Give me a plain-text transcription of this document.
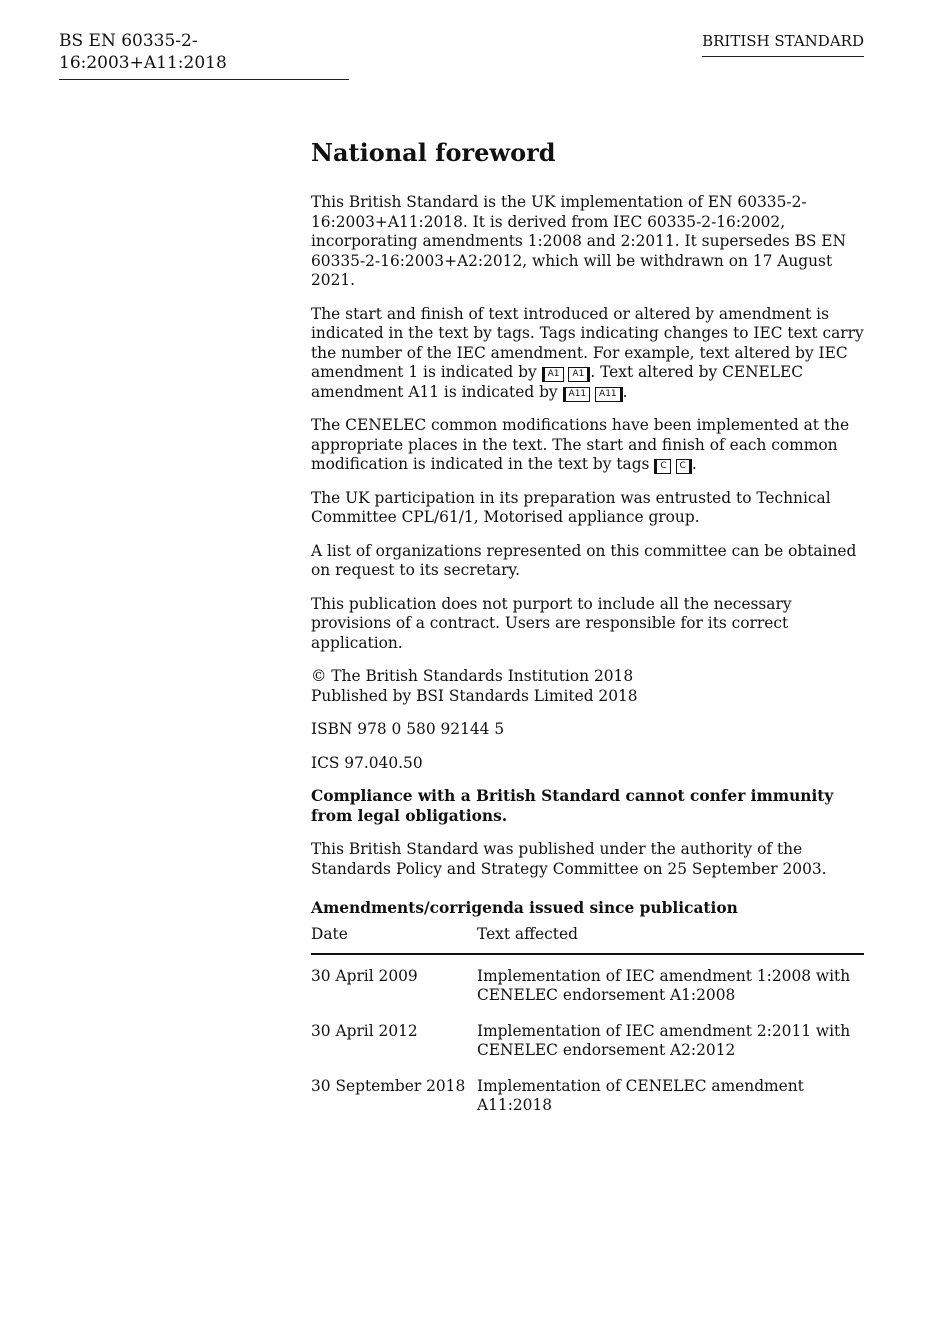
BS EN 60335-2-16:2003+A11:2018
BRITISH STANDARD
National foreword

This British Standard is the UK implementation of EN 60335-2-16:2003+A11:2018. It is derived from IEC 60335-2-16:2002, incorporating amendments 1:2008 and 2:2011. It supersedes BS EN 60335-2-16:2003+A2:2012, which will be withdrawn on 17 August 2021.

The start and finish of text introduced or altered by amendment is indicated in the text by tags. Tags indicating changes to IEC text carry the number of the IEC amendment. For example, text altered by IEC amendment 1 is indicated by A1 A1 . Text altered by CENELEC amendment A11 is indicated by A11 A11 .

The CENELEC common modifications have been implemented at the appropriate places in the text. The start and finish of each common modification is indicated in the text by tags C C .

The UK participation in its preparation was entrusted to Technical Committee CPL/61/1, Motorised appliance group.

A list of organizations represented on this committee can be obtained on request to its secretary.

This publication does not purport to include all the necessary provisions of a contract. Users are responsible for its correct application.

© The British Standards Institution 2018
Published by BSI Standards Limited 2018

ISBN 978 0 580 92144 5

ICS 97.040.50

Compliance with a British Standard cannot confer immunity from legal obligations.

This British Standard was published under the authority of the Standards Policy and Strategy Committee on 25 September 2003.

Amendments/corrigenda issued since publication
Date	Text affected
30 April 2009	Implementation of IEC amendment 1:2008 with CENELEC endorsement A1:2008
30 April 2012	Implementation of IEC amendment 2:2011 with CENELEC endorsement A2:2012
30 September 2018	Implementation of CENELEC amendment A11:2018
